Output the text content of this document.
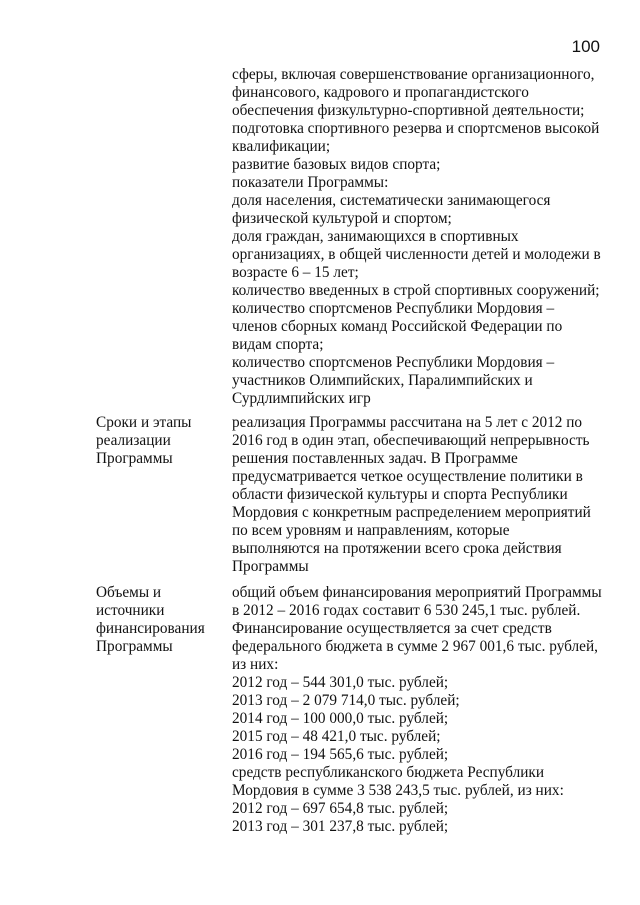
100
сферы, включая совершенствование организационного,
финансового, кадрового и пропагандистского
обеспечения физкультурно-спортивной деятельности;
подготовка спортивного резерва и спортсменов высокой
квалификации;
развитие базовых видов спорта;
показатели Программы:
доля населения, систематически занимающегося
физической культурой и спортом;
доля граждан, занимающихся в спортивных
организациях, в общей численности детей и молодежи в
возрасте 6 – 15 лет;
количество введенных в строй спортивных сооружений;
количество спортсменов Республики Мордовия –
членов сборных команд Российской Федерации по
видам спорта;
количество спортсменов Республики Мордовия –
участников Олимпийских, Паралимпийских и
Сурдлимпийских игр
Сроки и этапы
реализации
Программы
реализация Программы рассчитана на 5 лет с 2012 по
2016 год в один этап, обеспечивающий непрерывность
решения поставленных задач. В Программе
предусматривается четкое осуществление политики в
области физической культуры и спорта Республики
Мордовия с конкретным распределением мероприятий
по всем уровням и направлениям, которые
выполняются на протяжении всего срока действия
Программы
Объемы и
источники
финансирования
Программы
общий объем финансирования мероприятий Программы
в 2012 – 2016 годах составит 6 530 245,1 тыс. рублей.
Финансирование осуществляется за счет средств
федерального бюджета в сумме 2 967 001,6 тыс. рублей,
из них:
2012 год – 544 301,0 тыс. рублей;
2013 год – 2 079 714,0 тыс. рублей;
2014 год – 100 000,0 тыс. рублей;
2015 год – 48 421,0 тыс. рублей;
2016 год – 194 565,6 тыс. рублей;
средств республиканского бюджета Республики
Мордовия в сумме 3 538 243,5 тыс. рублей, из них:
2012 год – 697 654,8 тыс. рублей;
2013 год – 301 237,8 тыс. рублей;
